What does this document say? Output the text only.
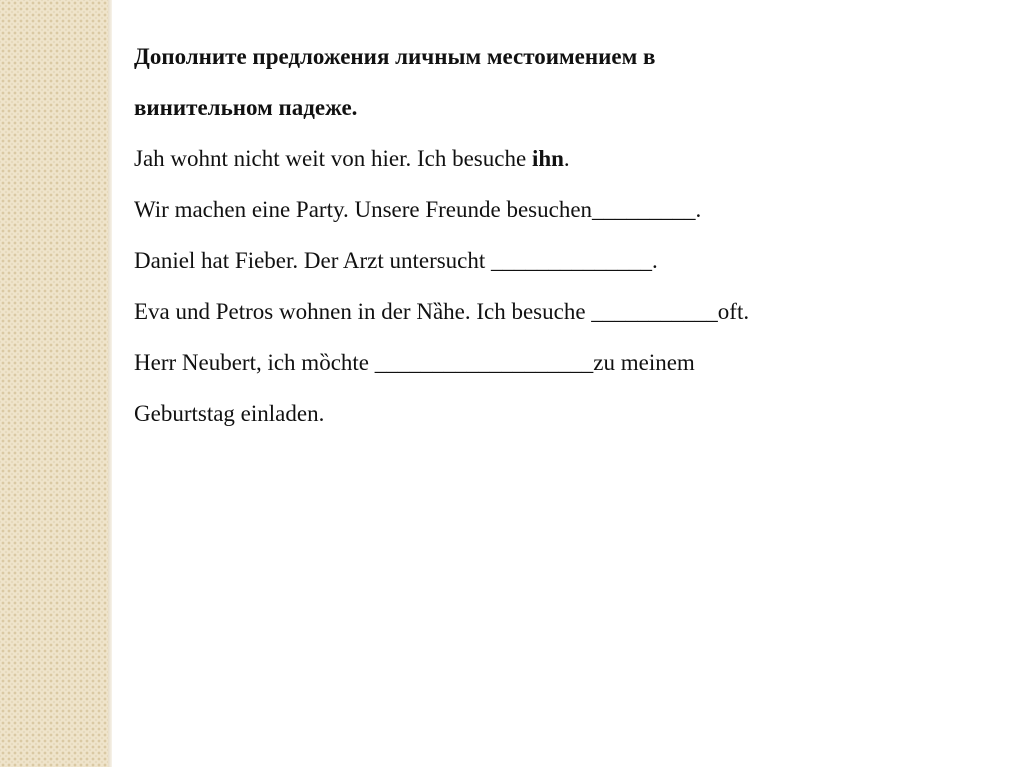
Дополните предложения личным местоимением в
винительном падеже.
Jah wohnt nicht weit von hier. Ich besuche ihn.
Wir machen eine Party. Unsere Freunde besuchen_________.
Daniel hat Fieber. Der Arzt untersucht ______________.
Eva und Petros wohnen in der Nȁhe. Ich besuche ___________oft.
Herr Neubert, ich mȍchte ___________________zu meinem
Geburtstag einladen.
